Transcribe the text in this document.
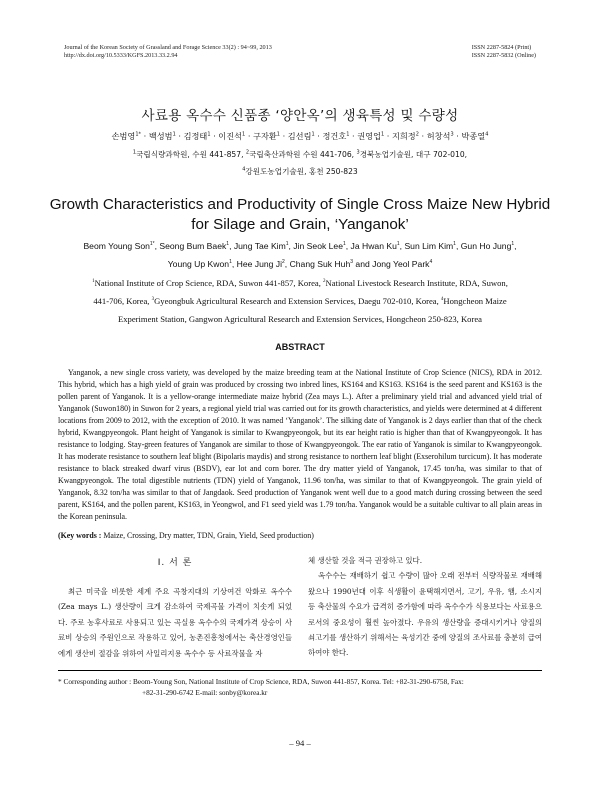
Journal of the Korean Society of Grassland and Forage Science 33(2) : 94~99, 2013
http://dx.doi.org/10.5333/KGFS.2013.33.2.94
ISSN 2287-5824 (Print)
ISSN 2287-5832 (Online)
사료용 옥수수 신품종 ‘양안옥’의 생육특성 및 수량성
손범영$^{1*}$ · 백성범$^1$ · 김정태$^1$ · 이진석$^1$ · 구자환$^1$ · 김선림$^1$ · 정건호$^1$ · 권영업$^1$ · 지희정$^2$ · 허창석$^3$ · 박종열$^4$
$^1$국립식량과학원, 수원 441-857, $^2$국립축산과학원 수원 441-706, $^3$경북농업기술원, 대구 702-010,
$^4$강원도농업기술원, 홍천 250-823
Growth Characteristics and Productivity of Single Cross Maize New Hybrid
for Silage and Grain, ‘Yanganok’
Beom Young Son$^{1*}$, Seong Bum Baek$^1$, Jung Tae Kim$^1$, Jin Seok Lee$^1$, Ja Hwan Ku$^1$, Sun Lim Kim$^1$, Gun Ho Jung$^1$,
Young Up Kwon$^1$, Hee Jung Ji$^2$, Chang Suk Huh$^3$ and Jong Yeol Park$^4$
$^1$National Institute of Crop Science, RDA, Suwon 441-857, Korea, $^2$National Livestock Research Institute, RDA, Suwon,
441-706, Korea, $^3$Gyeongbuk Agricultural Research and Extension Services, Daegu 702-010, Korea, $^4$Hongcheon Maize
Experiment Station, Gangwon Agricultural Research and Extension Services, Hongcheon 250-823, Korea
ABSTRACT

Yanganok, a new single cross variety, was developed by the maize breeding team at the National Institute of Crop Science (NICS), RDA in 2012. This hybrid, which has a high yield of grain was produced by crossing two inbred lines, KS164 and KS163. KS164 is the seed parent and KS163 is the pollen parent of Yanganok. It is a yellow-orange intermediate maize hybrid (Zea mays L.). After a preliminary yield trial and advanced yield trial of Yanganok (Suwon180) in Suwon for 2 years, a regional yield trial was carried out for its growth characteristics, and yields were determined at 4 different locations from 2009 to 2012, with the exception of 2010. It was named ‘Yanganok’. The silking date of Yanganok is 2 days earlier than that of the check hybrid, Kwangpyeongok. Plant height of Yanganok is similar to Kwangpyeongok, but its ear height ratio is higher than that of Kwangpyeongok. It has resistance to lodging. Stay-green features of Yanganok are similar to those of Kwangpyeongok. The ear ratio of Yanganok is similar to Kwangpyeongok. It has moderate resistance to southern leaf blight (Bipolaris maydis) and strong resistance to northern leaf blight (Exserohilum turcicum). It has moderate resistance to black streaked dwarf virus (BSDV), ear lot and corn borer. The dry matter yield of Yanganok, 17.45 ton/ha, was similar to that of Kwangpyeongok. The total digestible nutrients (TDN) yield of Yanganok, 11.96 ton/ha, was similar to that of Kwangpyeongok. The grain yield of Yanganok, 8.32 ton/ha was similar to that of Jangdaok. Seed production of Yanganok went well due to a good match during crossing between the seed parent, KS164, and the pollen parent, KS163, in Yeongwol, and F1 seed yield was 1.79 ton/ha. Yanganok would be a suitable cultivar to all plain areas in the Korean peninsula.

(Key words : Maize, Crossing, Dry matter, TDN, Grain, Yield, Seed production)
Ⅰ. 서 론

최근 미국을 비롯한 세계 주요 곡창지대의 기상여건 악화로 옥수수(Zea mays L.) 생산량이 크게 감소하여 국제곡물 가격이 치솟게 되었다. 주로 농후사료로 사용되고 있는 곡실용 옥수수의 국제가격 상승이 사료비 상승의 주원인으로 작용하고 있어, 농촌진흥청에서는 축산경영인들에게 생산비 절감을 위하여 사일리지용 옥수수 등 사료작물을 자

체 생산할 것을 적극 권장하고 있다.

옥수수는 재배하기 쉽고 수량이 많아 오래 전부터 식량작물로 재배해 왔으나 1990년대 이후 식생활이 윤택해지면서, 고기, 우유, 햄, 소시지 등 축산물의 수요가 급격히 증가함에 따라 옥수수가 식용보다는 사료용으로서의 중요성이 훨씬 높아졌다. 우유의 생산량을 증대시키거나 양질의 쇠고기를 생산하기 위해서는 육성기간 중에 양질의 조사료를 충분히 급여하여야 한다.

* Corresponding author : Beom-Young Son, National Institute of Crop Science, RDA, Suwon 441-857, Korea. Tel: +82-31-290-6758, Fax:
+82-31-290-6742 E-mail: sonby@korea.kr
– 94 –
